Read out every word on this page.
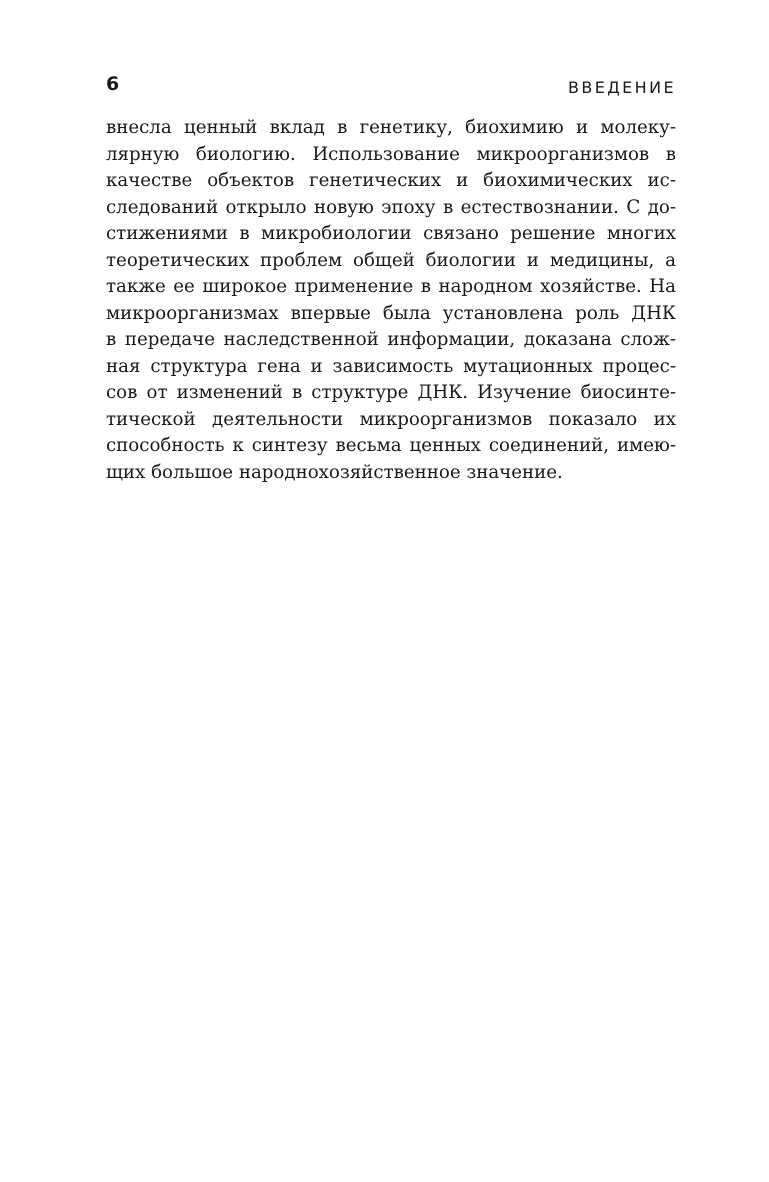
6	ВВЕДЕНИЕ
внесла ценный вклад в генетику, биохимию и молеку-
лярную биологию. Использование микроорганизмов в
качестве объектов генетических и биохимических ис-
следований открыло новую эпоху в естествознании. С до-
стижениями в микробиологии связано решение многих
теоретических проблем общей биологии и медицины, а
также ее широкое применение в народном хозяйстве. На
микроорганизмах впервые была установлена роль ДНК
в передаче наследственной информации, доказана слож-
ная структура гена и зависимость мутационных процес-
сов от изменений в структуре ДНК. Изучение биосинте-
тической деятельности микроорганизмов показало их
способность к синтезу весьма ценных соединений, имею-
щих большое народнохозяйственное значение.
